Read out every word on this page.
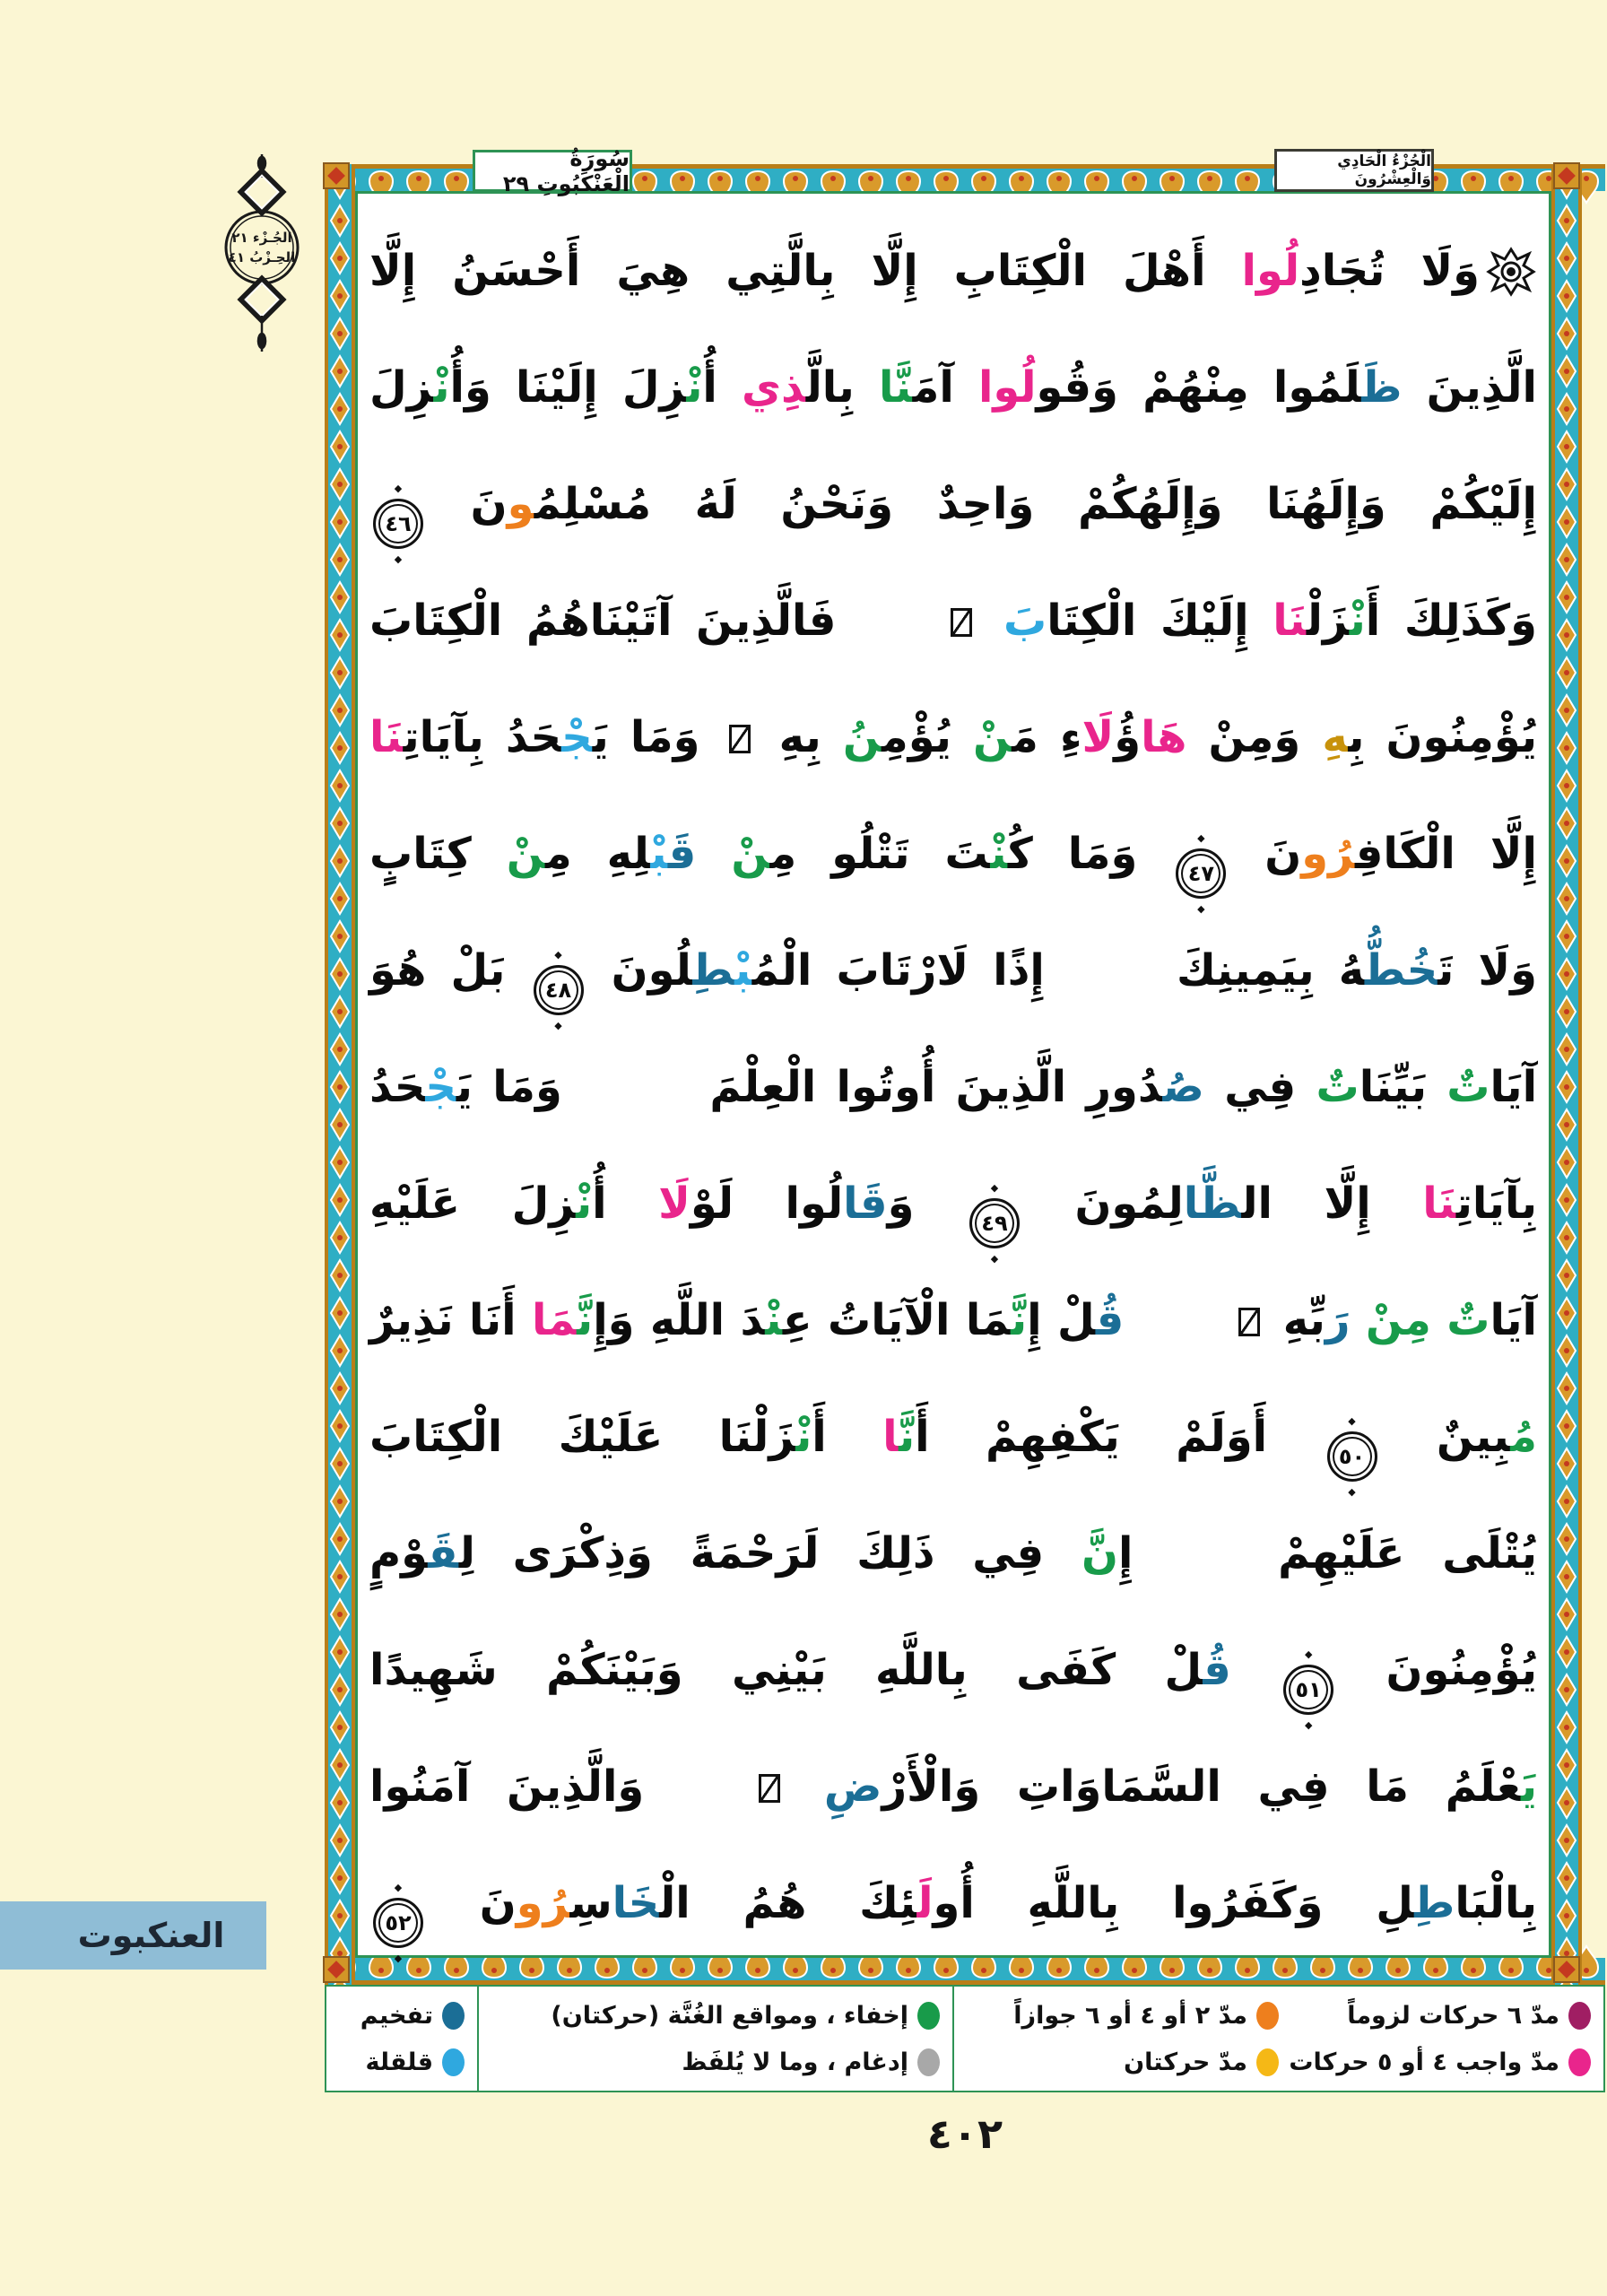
سُورَةُ الْعَنْكَبُوتِ ٢٩
الْجُزْءُ الْحَادِي وَالْعِشْرُونَ
الجُـزْء ٢١
الحِـزْبُ ٤١	وَلَا تُجَادِلُوا أَهْلَ الْكِتَابِ إِلَّا بِالَّتِي هِيَ أَحْسَنُ إِلَّا
الَّذِينَ ظَلَمُوا مِنْهُمْ وَقُولُوا آمَنَّا بِالَّذِي أُنْزِلَ إِلَيْنَا وَأُنْزِلَ
إِلَيْكُمْ وَإِلَهُنَا وَإِلَهُكُمْ وَاحِدٌ وَنَحْنُ لَهُ مُسْلِمُونَ ◆ ٤٦ ◆
وَكَذَلِكَ أَنْزَلْنَا إِلَيْكَ الْكِتَابَ فَالَّذِينَ آتَيْنَاهُمُ الْكِتَابَ
يُؤْمِنُونَ بِهِ وَمِنْ هَاؤُلَاءِ مَنْ يُؤْمِنُ بِهِ  وَمَا يَجْحَدُ بِآيَاتِنَا
إِلَّا الْكَافِرُونَ ◆ ٤٧ ◆ وَمَا كُنْتَ تَتْلُو مِنْ قَبْلِهِ مِنْ كِتَابٍ
وَلَا تَخُطُّهُ بِيَمِينِكَ إِذًا لَارْتَابَ الْمُبْطِلُونَ ◆ ٤٨ ◆ بَلْ هُوَ
آيَاتٌ بَيِّنَاتٌ فِي صُدُورِ الَّذِينَ أُوتُوا الْعِلْمَ  وَمَا يَجْحَدُ
بِآيَاتِنَا إِلَّا الظَّالِمُونَ ◆ ٤٩ ◆ وَقَالُوا لَوْلَا أُنْزِلَ عَلَيْهِ
آيَاتٌ مِنْ رَبِّهِ قُلْ إِنَّمَا الْآيَاتُ عِنْدَ اللَّهِ وَإِنَّمَا أَنَا نَذِيرٌ
مُبِينٌ ◆ ٥٠ ◆ أَوَلَمْ يَكْفِهِمْ أَنَّا أَنْزَلْنَا عَلَيْكَ الْكِتَابَ
يُتْلَى عَلَيْهِمْ إِنَّ فِي ذَلِكَ لَرَحْمَةً وَذِكْرَى لِقَوْمٍ
يُؤْمِنُونَ ◆ ٥١ ◆ قُلْ كَفَى بِاللَّهِ بَيْنِي وَبَيْنَكُمْ شَهِيدًا
يَعْلَمُ مَا فِي السَّمَاوَاتِ وَالْأَرْضِ وَالَّذِينَ آمَنُوا
بِالْبَاطِلِ وَكَفَرُوا بِاللَّهِ أُولَئِكَ هُمُ الْخَاسِرُونَ ◆ ٥٢ ◆
مدّ ٦ حركات لزوماً
مدّ ٢ أو ٤ أو ٦ جوازاً
مدّ واجب ٤ أو ٥ حركات
مدّ حركتان
إخفاء ، ومواقع الغُنَّة (حركتان)
إدغام ، وما لا يُلفَظ
تفخيم
قلقلة
العنكبوت
٤٠٢
